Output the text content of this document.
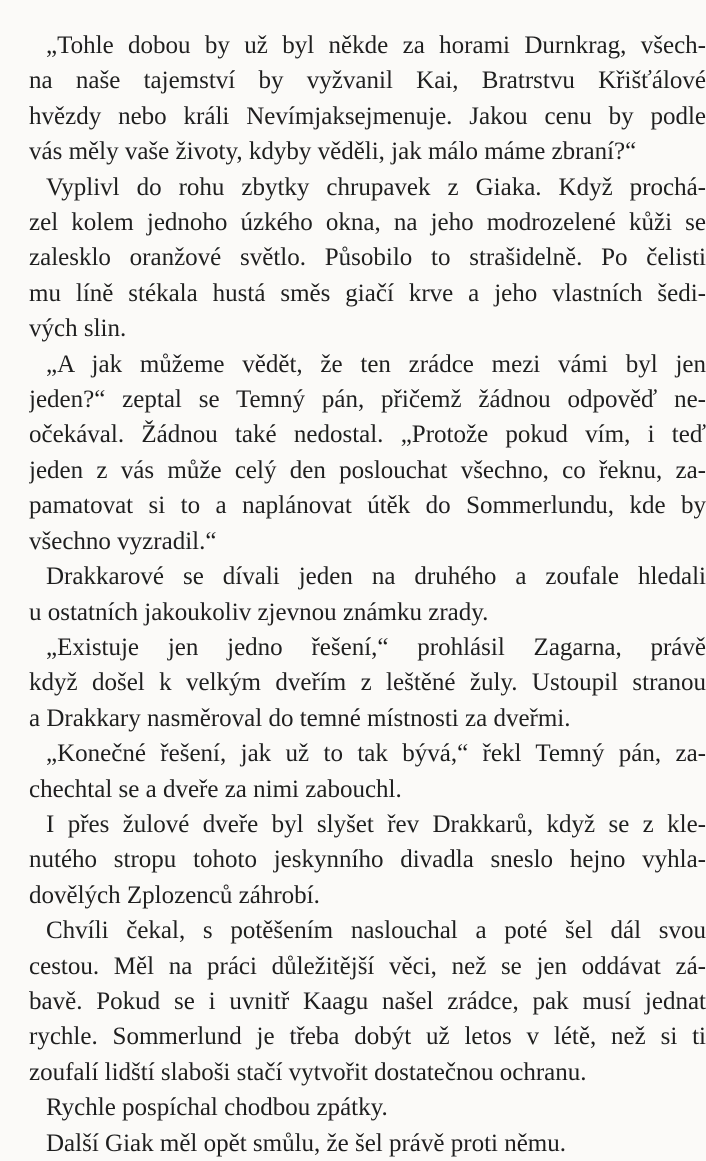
„Tohle dobou by už byl někde za horami Durnkrag, všech-
na naše tajemství by vyžvanil Kai, Bratrstvu Křišťálové
hvězdy nebo králi Nevímjaksejmenuje. Jakou cenu by podle
vás měly vaše životy, kdyby věděli, jak málo máme zbraní?“
Vyplivl do rohu zbytky chrupavek z Giaka. Když prochá-
zel kolem jednoho úzkého okna, na jeho modrozelené kůži se
zalesklo oranžové světlo. Působilo to strašidelně. Po čelisti
mu líně stékala hustá směs giačí krve a jeho vlastních šedi-
vých slin.
„A jak můžeme vědět, že ten zrádce mezi vámi byl jen
jeden?“ zeptal se Temný pán, přičemž žádnou odpověď ne-
očekával. Žádnou také nedostal. „Protože pokud vím, i teď
jeden z vás může celý den poslouchat všechno, co řeknu, za-
pamatovat si to a naplánovat útěk do Sommerlundu, kde by
všechno vyzradil.“
Drakkarové se dívali jeden na druhého a zoufale hledali
u ostatních jakoukoliv zjevnou známku zrady.
„Existuje jen jedno řešení,“ prohlásil Zagarna, právě
když došel k velkým dveřím z leštěné žuly. Ustoupil stranou
a Drakkary nasměroval do temné místnosti za dveřmi.
„Konečné řešení, jak už to tak bývá,“ řekl Temný pán, za-
chechtal se a dveře za nimi zabouchl.
I přes žulové dveře byl slyšet řev Drakkarů, když se z kle-
nutého stropu tohoto jeskynního divadla sneslo hejno vyhla-
dovělých Zplozenců záhrobí.
Chvíli čekal, s potěšením naslouchal a poté šel dál svou
cestou. Měl na práci důležitější věci, než se jen oddávat zá-
bavě. Pokud se i uvnitř Kaagu našel zrádce, pak musí jednat
rychle. Sommerlund je třeba dobýt už letos v létě, než si ti
zoufalí lidští slaboši stačí vytvořit dostatečnou ochranu.
Rychle pospíchal chodbou zpátky.
Další Giak měl opět smůlu, že šel právě proti němu.
